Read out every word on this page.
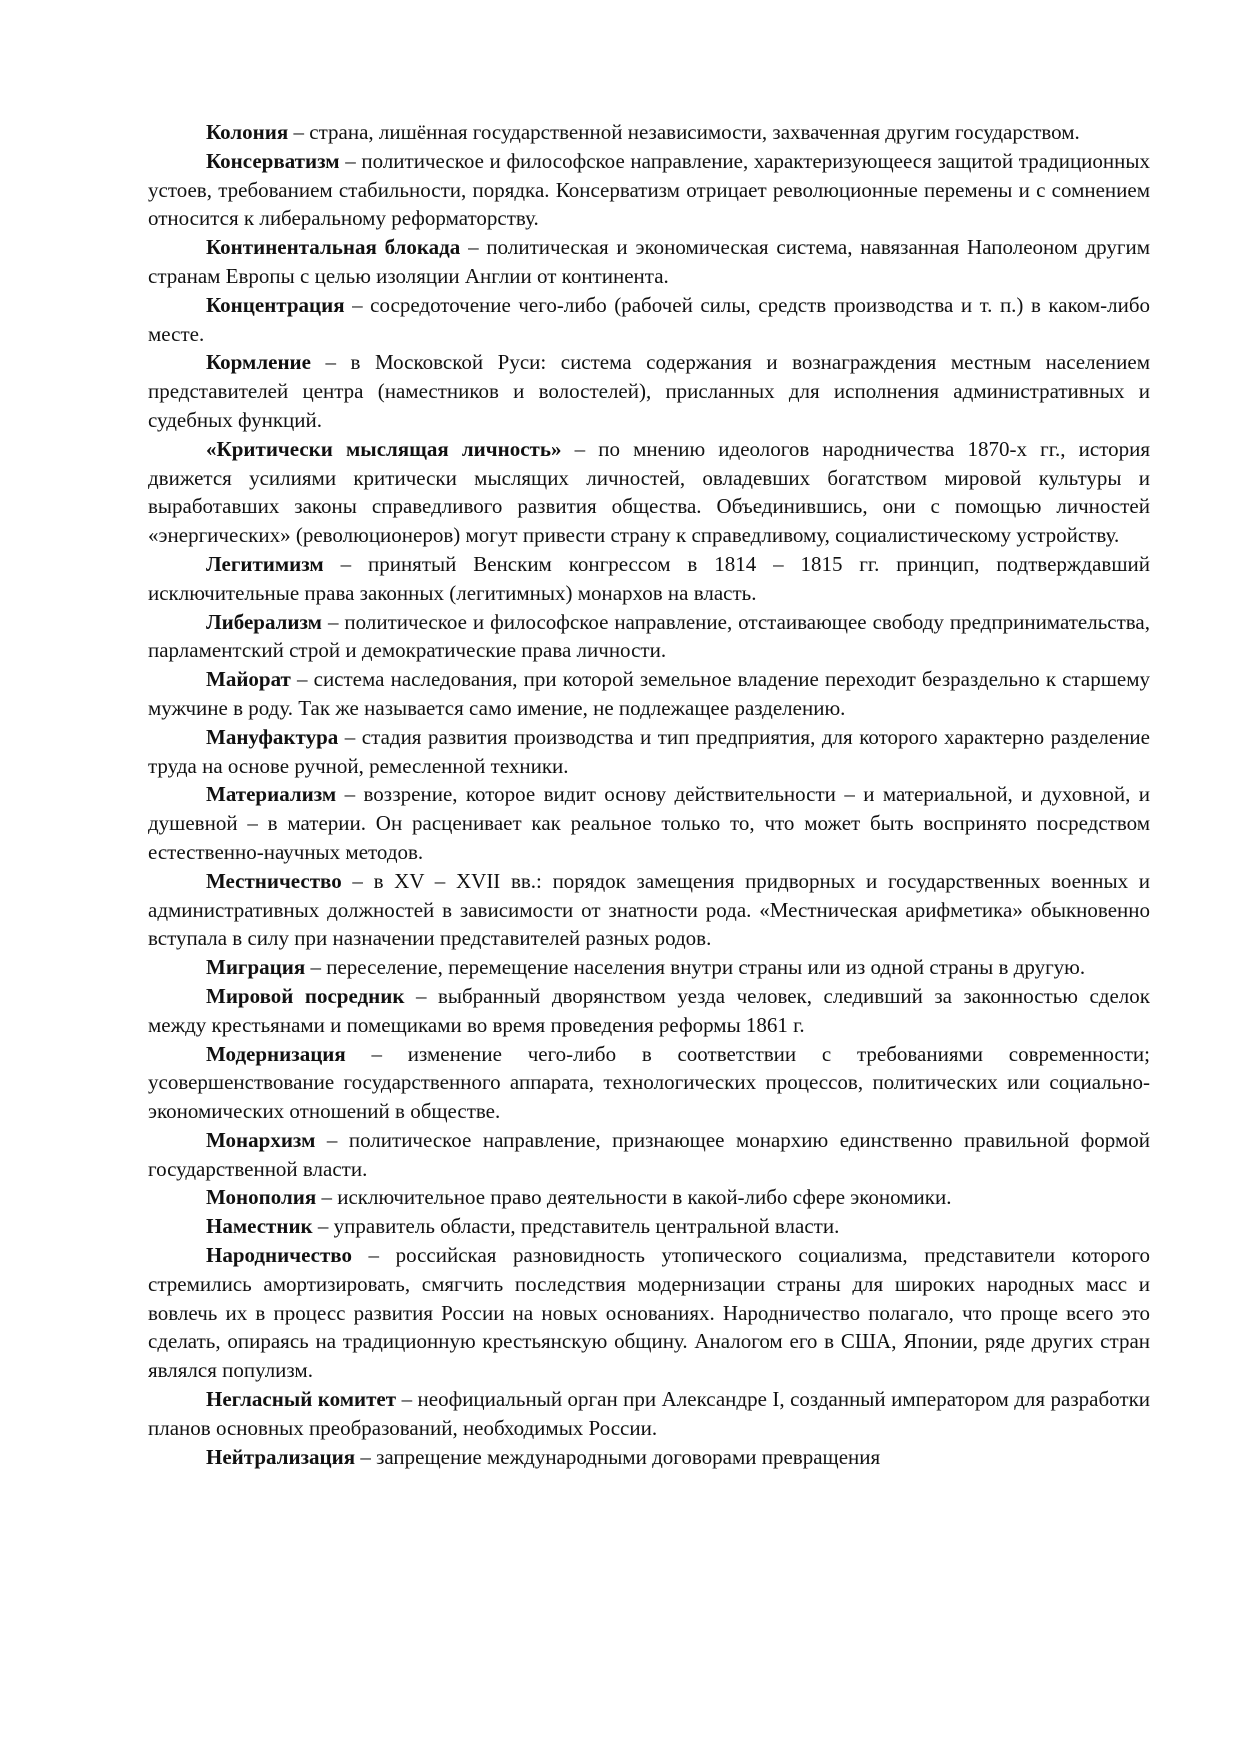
Колония – страна, лишённая государственной независимости, захваченная другим государством.

Консерватизм – политическое и философское направление, характеризующееся защитой традиционных устоев, требованием стабильности, порядка. Консерватизм отрицает революционные перемены и с сомнением относится к либеральному реформаторству.

Континентальная блокада – политическая и экономическая система, навязанная Наполеоном другим странам Европы с целью изоляции Англии от континента.

Концентрация – сосредоточение чего-либо (рабочей силы, средств производства и т. п.) в каком-либо месте.

Кормление – в Московской Руси: система содержания и вознаграждения местным населением представителей центра (наместников и волостелей), присланных для исполнения административных и судебных функций.

«Критически мыслящая личность» – по мнению идеологов народничества 1870-х гг., история движется усилиями критически мыслящих личностей, овладевших богатством мировой культуры и выработавших законы справедливого развития общества. Объединившись, они с помощью личностей «энергических» (революционеров) могут привести страну к справедливому, социалистическому устройству.

Легитимизм – принятый Венским конгрессом в 1814 – 1815 гг. принцип, подтверждавший исключительные права законных (легитимных) монархов на власть.

Либерализм – политическое и философское направление, отстаивающее свободу предпринимательства, парламентский строй и демократические права личности.

Майорат – система наследования, при которой земельное владение переходит безраздельно к старшему мужчине в роду. Так же называется само имение, не подлежащее разделению.

Мануфактура – стадия развития производства и тип предприятия, для которого характерно разделение труда на основе ручной, ремесленной техники.

Материализм – воззрение, которое видит основу действительности – и материальной, и духовной, и душевной – в материи. Он расценивает как реальное только то, что может быть воспринято посредством естественно-научных методов.

Местничество – в XV – XVII вв.: порядок замещения придворных и государственных военных и административных должностей в зависимости от знатности рода. «Местническая арифметика» обыкновенно вступала в силу при назначении представителей разных родов.

Миграция – переселение, перемещение населения внутри страны или из одной страны в другую.

Мировой посредник – выбранный дворянством уезда человек, следивший за законностью сделок между крестьянами и помещиками во время проведения реформы 1861 г.

Модернизация – изменение чего-либо в соответствии с требованиями современности; усовершенствование государственного аппарата, технологических процессов, политических или социально-экономических отношений в обществе.

Монархизм – политическое направление, признающее монархию единственно правильной формой государственной власти.

Монополия – исключительное право деятельности в какой-либо сфере экономики.

Наместник – управитель области, представитель центральной власти.

Народничество – российская разновидность утопического социализма, представители которого стремились амортизировать, смягчить последствия модернизации страны для широких народных масс и вовлечь их в процесс развития России на новых основаниях. Народничество полагало, что проще всего это сделать, опираясь на традиционную крестьянскую общину. Аналогом его в США, Японии, ряде других стран являлся популизм.

Негласный комитет – неофициальный орган при Александре I, созданный императором для разработки планов основных преобразований, необходимых России.

Нейтрализация – запрещение международными договорами превращения
